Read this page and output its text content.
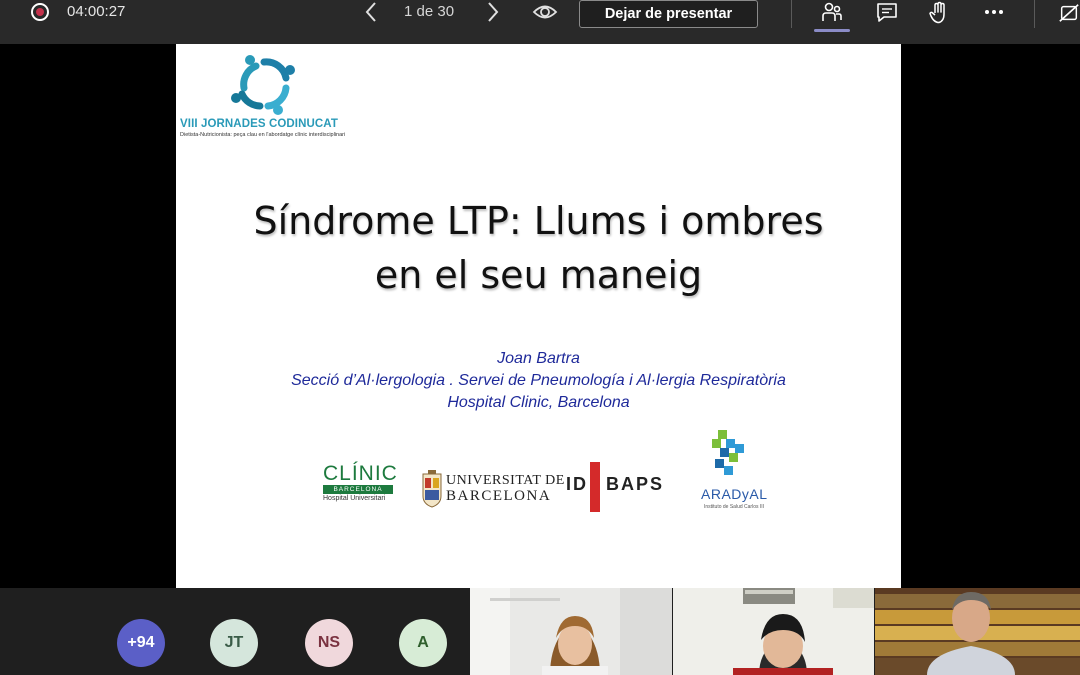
04:00:27	1 de 30	Dejar de presentar
VIII JORNADES CODINUCAT
Dietista-Nutricionista: peça clau en l'abordatge clínic interdisciplinari
Síndrome LTP: Llums i ombres
en el seu maneig
Joan Bartra
Secció d’Al·lergologia . Servei de Pneumología i Al·lergia Respiratòria
Hospital Clinic, Barcelona
CLÍNIC
BARCELONA
Hospital Universitari
UNIVERSITAT DE
BARCELONA
ID BAPS	ARADyAL
Instituto de Salud Carlos III
+94	JT	NS	A
